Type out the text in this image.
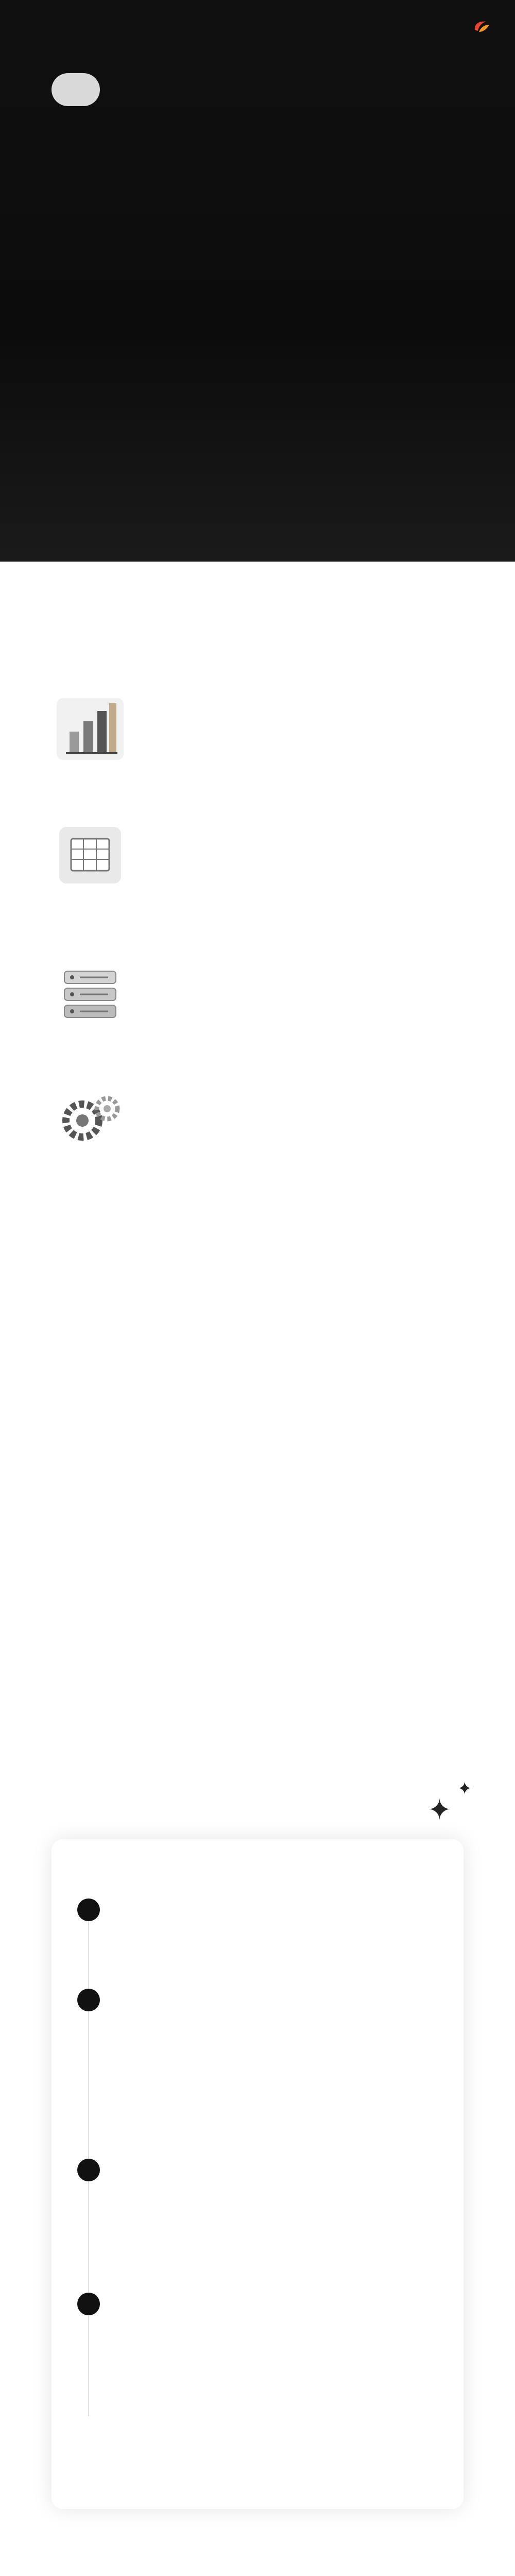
✦
✦
